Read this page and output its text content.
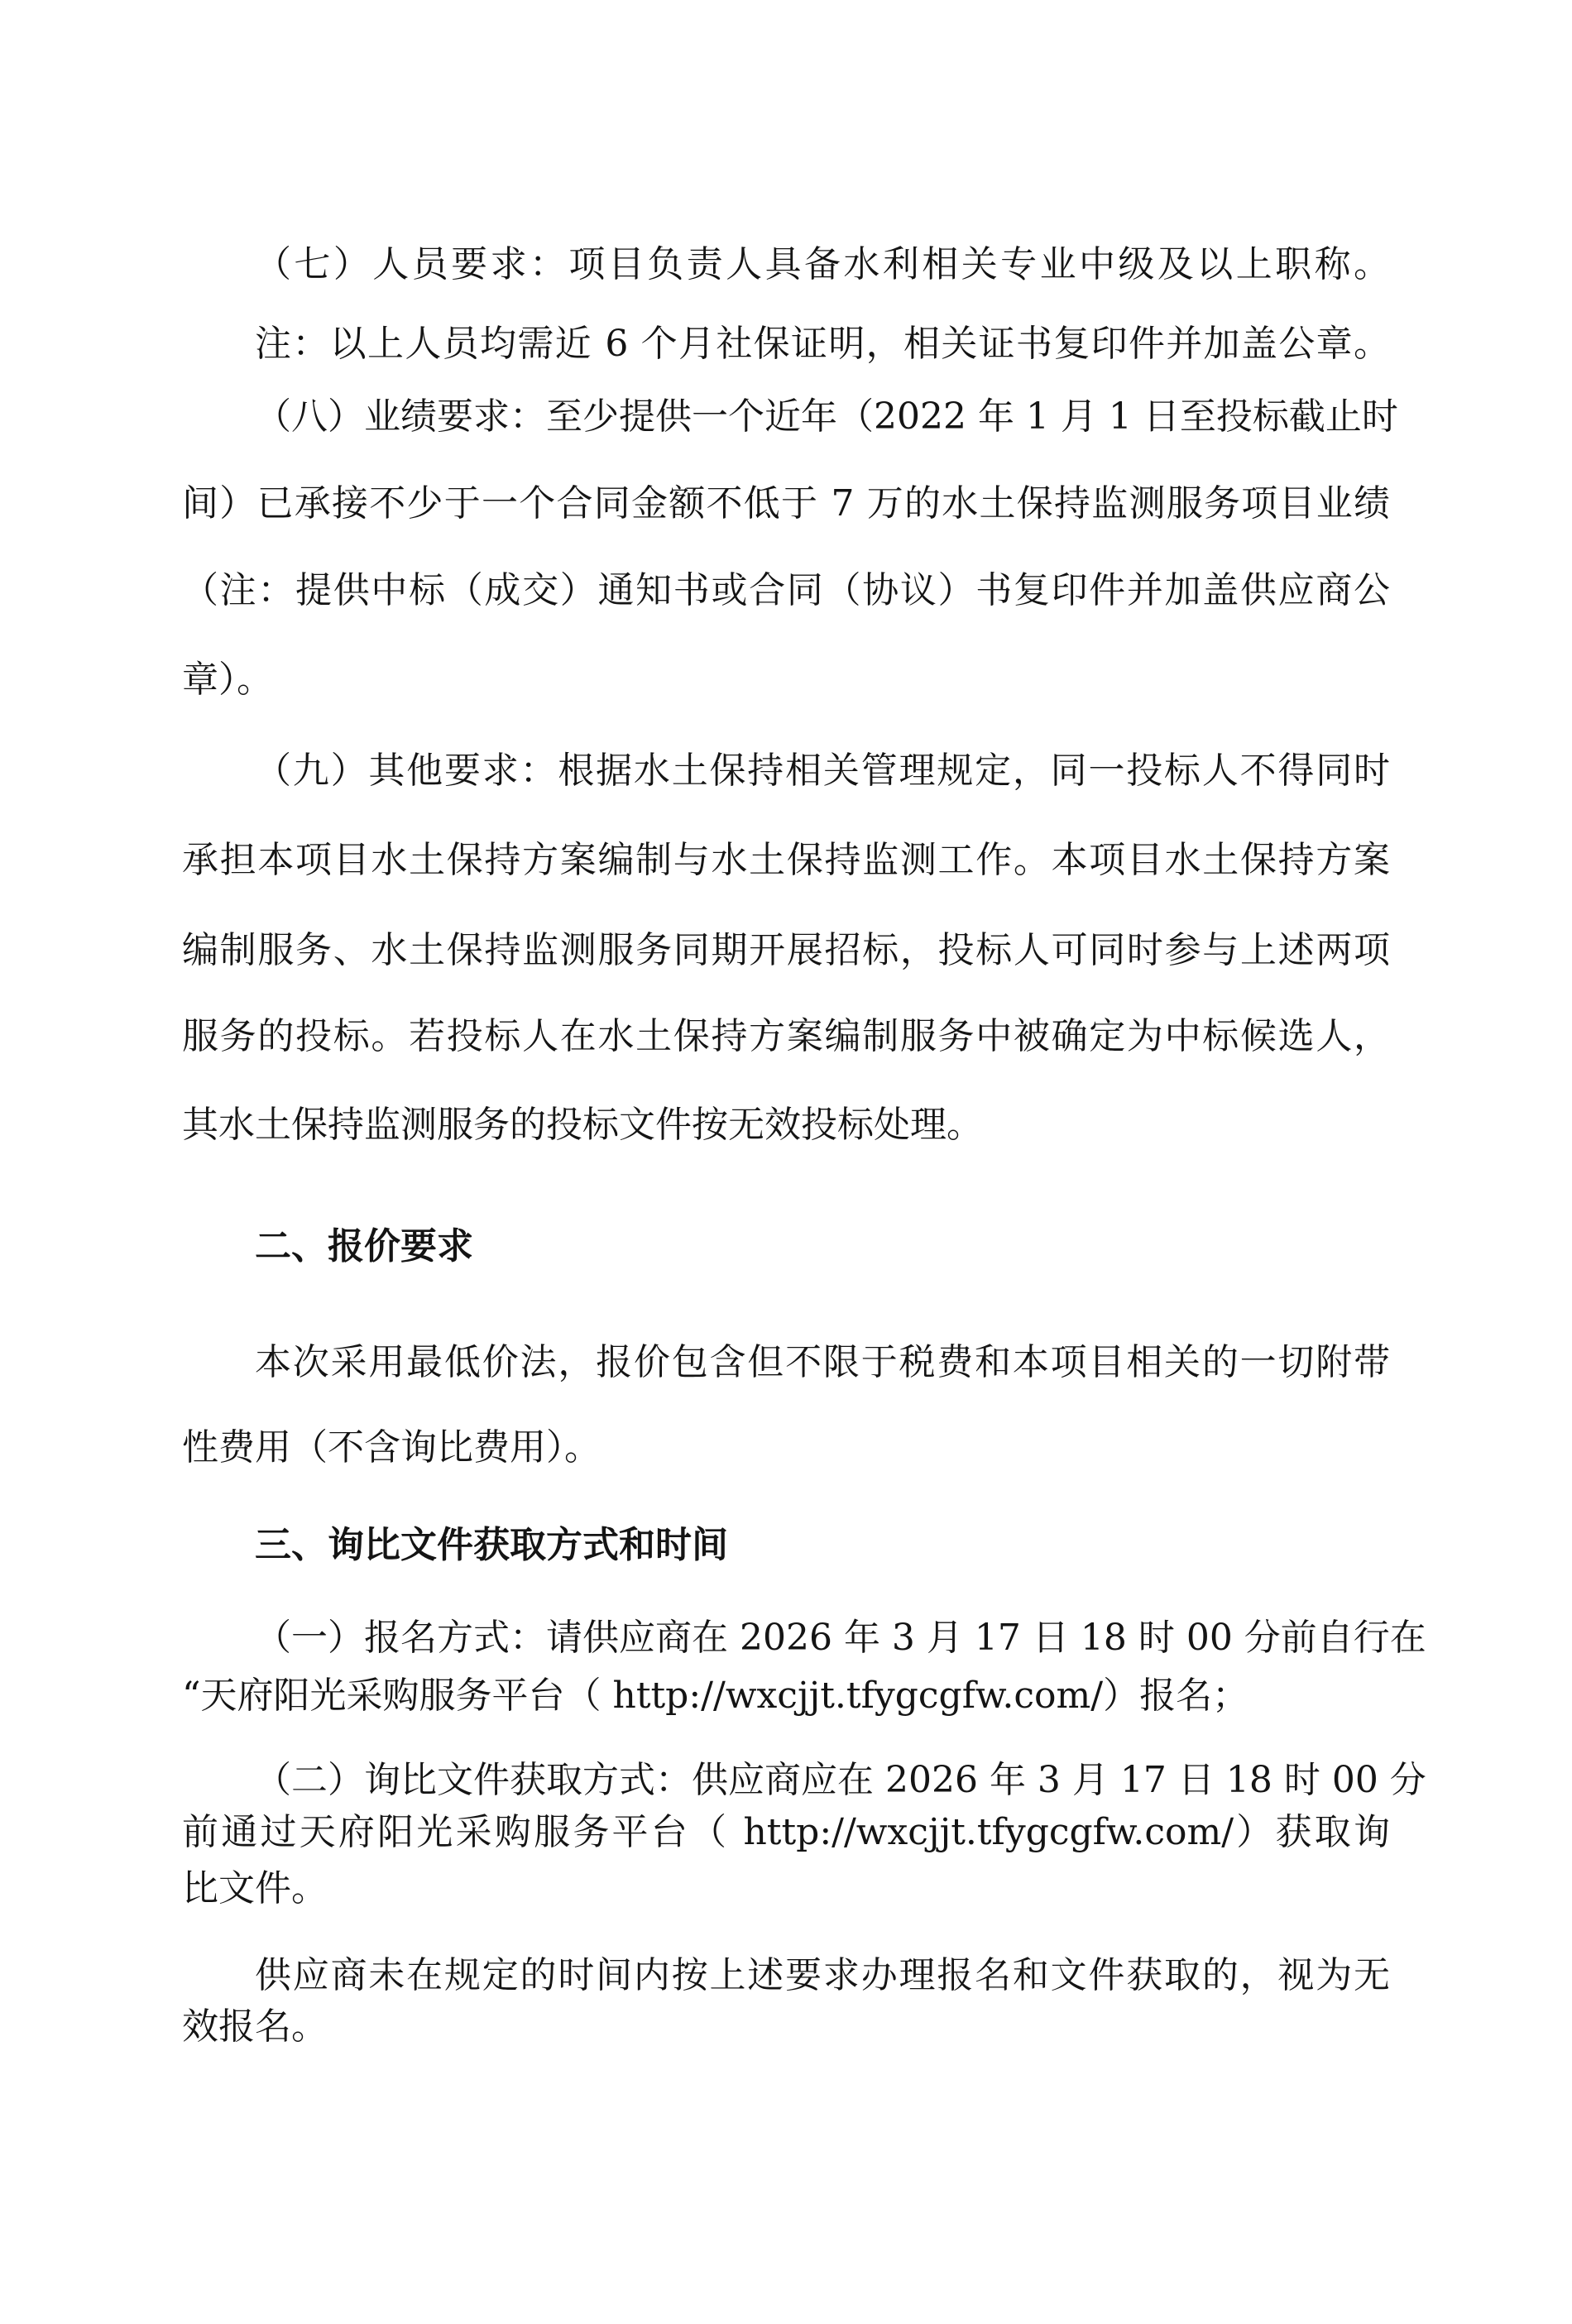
（七）人员要求：项目负责人具备水利相关专业中级及以上职称。
注：以上人员均需近 6 个月社保证明，相关证书复印件并加盖公章。
（八）业绩要求：至少提供一个近年（2022 年 1 月 1 日至投标截止时
间）已承接不少于一个合同金额不低于 7 万的水土保持监测服务项目业绩
（注：提供中标（成交）通知书或合同（协议）书复印件并加盖供应商公
章）。
（九）其他要求：根据水土保持相关管理规定，同一投标人不得同时
承担本项目水土保持方案编制与水土保持监测工作。本项目水土保持方案
编制服务、水土保持监测服务同期开展招标，投标人可同时参与上述两项
服务的投标。若投标人在水土保持方案编制服务中被确定为中标候选人，
其水土保持监测服务的投标文件按无效投标处理。
二、报价要求
本次采用最低价法，报价包含但不限于税费和本项目相关的一切附带
性费用（不含询比费用）。
三、询比文件获取方式和时间
（一）报名方式：请供应商在 2026 年 3 月 17 日 18 时 00 分前自行在
“天府阳光采购服务平台（ http://wxcjjt.tfygcgfw.com/）报名；
（二）询比文件获取方式：供应商应在 2026 年 3 月 17 日 18 时 00 分
前通过天府阳光采购服务平台（ http://wxcjjt.tfygcgfw.com/）获取询
比文件。
供应商未在规定的时间内按上述要求办理报名和文件获取的，视为无
效报名。
